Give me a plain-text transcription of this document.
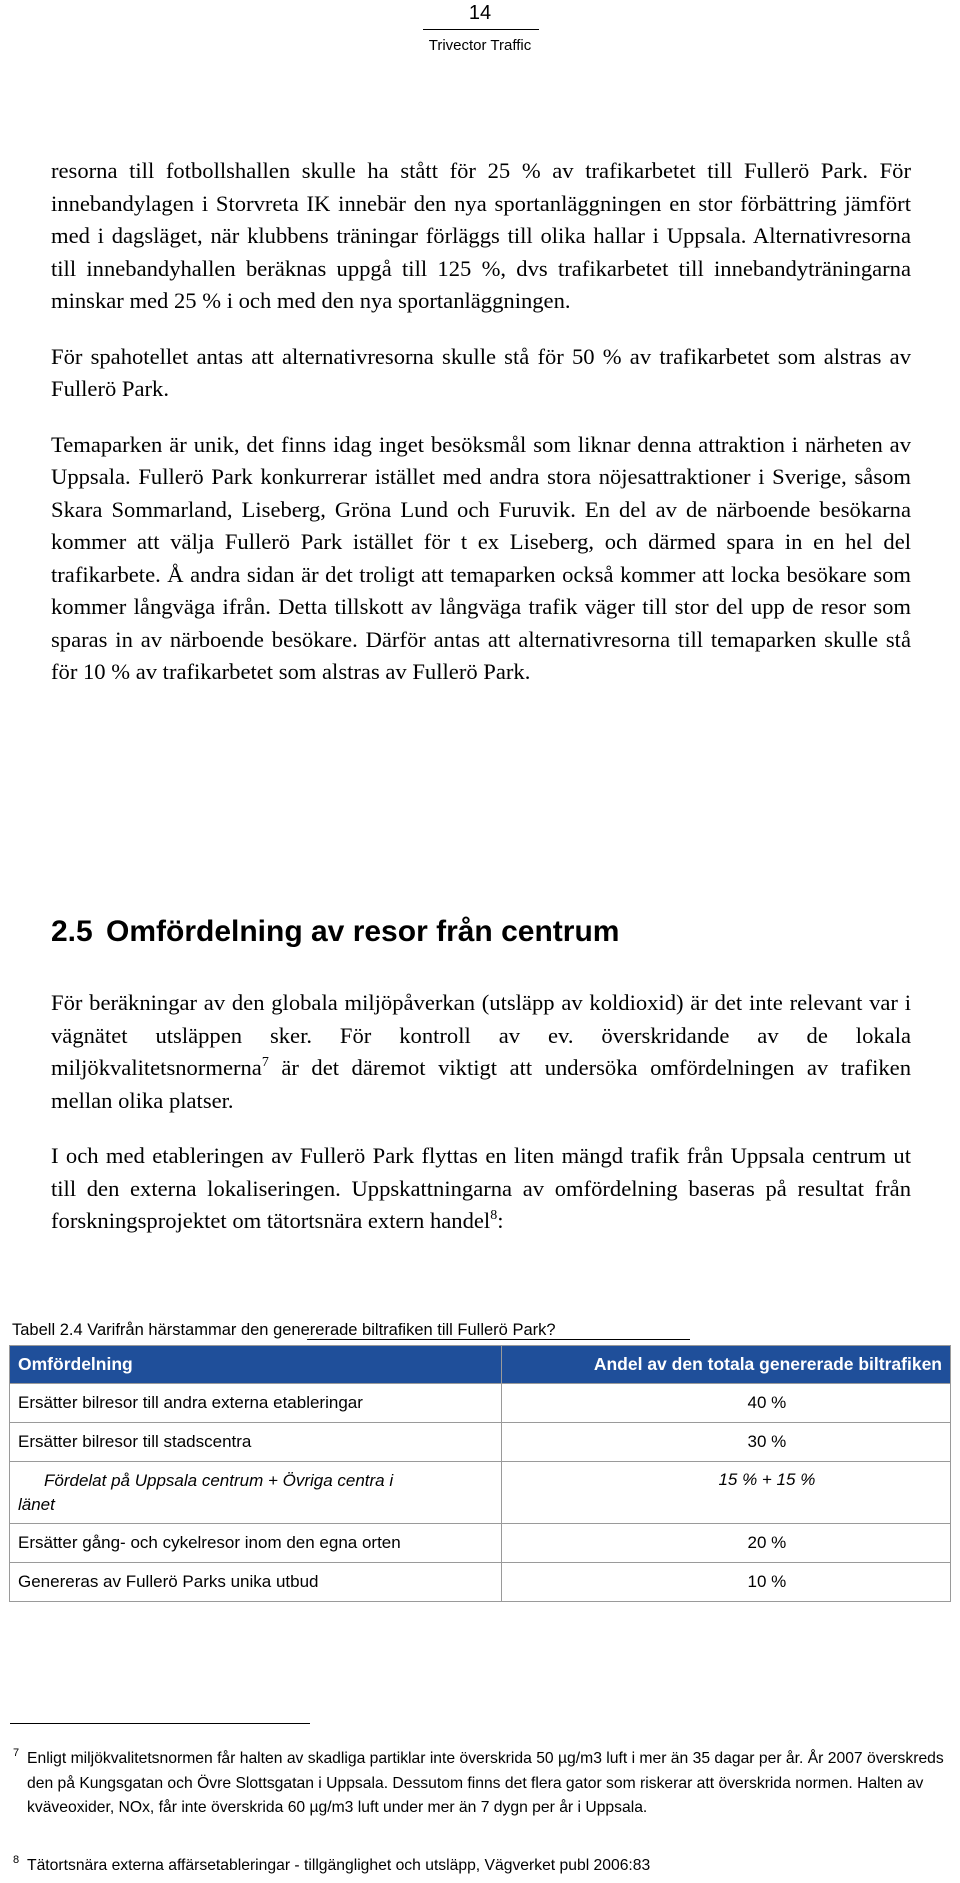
14
Trivector Traffic

resorna till fotbollshallen skulle ha stått för 25 % av trafikarbetet till Fullerö Park. För innebandylagen i Storvreta IK innebär den nya sportanläggningen en stor förbättring jämfört med i dagsläget, när klubbens träningar förläggs till olika hallar i Uppsala. Alternativresorna till innebandyhallen beräknas uppgå till 125 %, dvs trafikarbetet till innebandyträningarna minskar med 25 % i och med den nya sportanläggningen.

För spahotellet antas att alternativresorna skulle stå för 50 % av trafikarbetet som alstras av Fullerö Park.

Temaparken är unik, det finns idag inget besöksmål som liknar denna attraktion i närheten av Uppsala. Fullerö Park konkurrerar istället med andra stora nöjesattraktioner i Sverige, såsom Skara Sommarland, Liseberg, Gröna Lund och Furuvik. En del av de närboende besökarna kommer att välja Fullerö Park istället för t ex Liseberg, och därmed spara in en hel del trafikarbete. Å andra sidan är det troligt att temaparken också kommer att locka besökare som kommer långväga ifrån. Detta tillskott av långväga trafik väger till stor del upp de resor som sparas in av närboende besökare. Därför antas att alternativresorna till temaparken skulle stå för 10 % av trafikarbetet som alstras av Fullerö Park.

2.5 Omfördelning av resor från centrum

För beräkningar av den globala miljöpåverkan (utsläpp av koldioxid) är det inte relevant var i vägnätet utsläppen sker. För kontroll av ev. överskridande av de lokala miljökvalitetsnormerna$^7$ är det däremot viktigt att undersöka omfördelningen av trafiken mellan olika platser.

I och med etableringen av Fullerö Park flyttas en liten mängd trafik från Uppsala centrum ut till den externa lokaliseringen. Uppskattningarna av omfördelning baseras på resultat från forskningsprojektet om tätortsnära extern handel$^8$:

Tabell 2.4 Varifrån härstammar den genererade biltrafiken till Fullerö Park?
Omfördelning	Andel av den totala genererade biltrafiken
Ersätter bilresor till andra externa etableringar	40 %
Ersätter bilresor till stadscentra	30 %
Fördelat på Uppsala centrum + Övriga centra i
länet	15 % + 15 %
Ersätter gång- och cykelresor inom den egna orten	20 %
Genereras av Fullerö Parks unika utbud	10 %
7 Enligt miljökvalitetsnormen får halten av skadliga partiklar inte överskrida 50 µg/m3 luft i mer än 35 dagar per år. År 2007 överskreds den på Kungsgatan och Övre Slottsgatan i Uppsala. Dessutom finns det flera gator som riskerar att överskrida normen. Halten av kväveoxider, NOx, får inte överskrida 60 µg/m3 luft under mer än 7 dygn per år i Uppsala.
8 Tätortsnära externa affärsetableringar - tillgänglighet och utsläpp, Vägverket publ 2006:83
